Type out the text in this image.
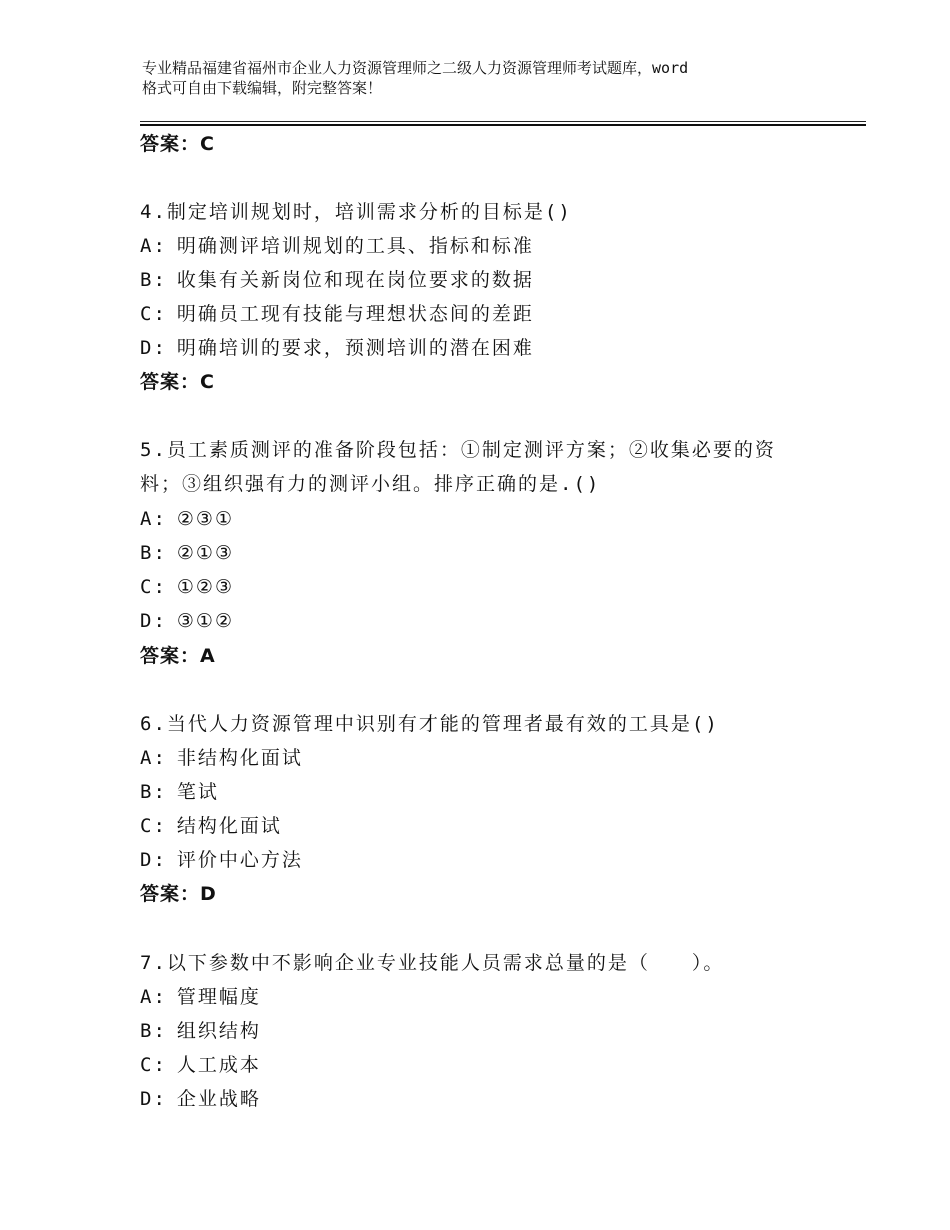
专业精品福建省福州市企业人力资源管理师之二级人力资源管理师考试题库，word
格式可自由下载编辑，附完整答案！
答案：C
4.制定培训规划时，培训需求分析的目标是()
A: 明确测评培训规划的工具、指标和标准
B: 收集有关新岗位和现在岗位要求的数据
C: 明确员工现有技能与理想状态间的差距
D: 明确培训的要求，预测培训的潜在困难
答案：C
5.员工素质测评的准备阶段包括：①制定测评方案；②收集必要的资
料；③组织强有力的测评小组。排序正确的是.()
A: ②③①
B: ②①③
C: ①②③
D: ③①②
答案：A
6.当代人力资源管理中识别有才能的管理者最有效的工具是()
A: 非结构化面试
B: 笔试
C: 结构化面试
D: 评价中心方法
答案：D
7.以下参数中不影响企业专业技能人员需求总量的是（　　）。
A: 管理幅度
B: 组织结构
C: 人工成本
D: 企业战略
